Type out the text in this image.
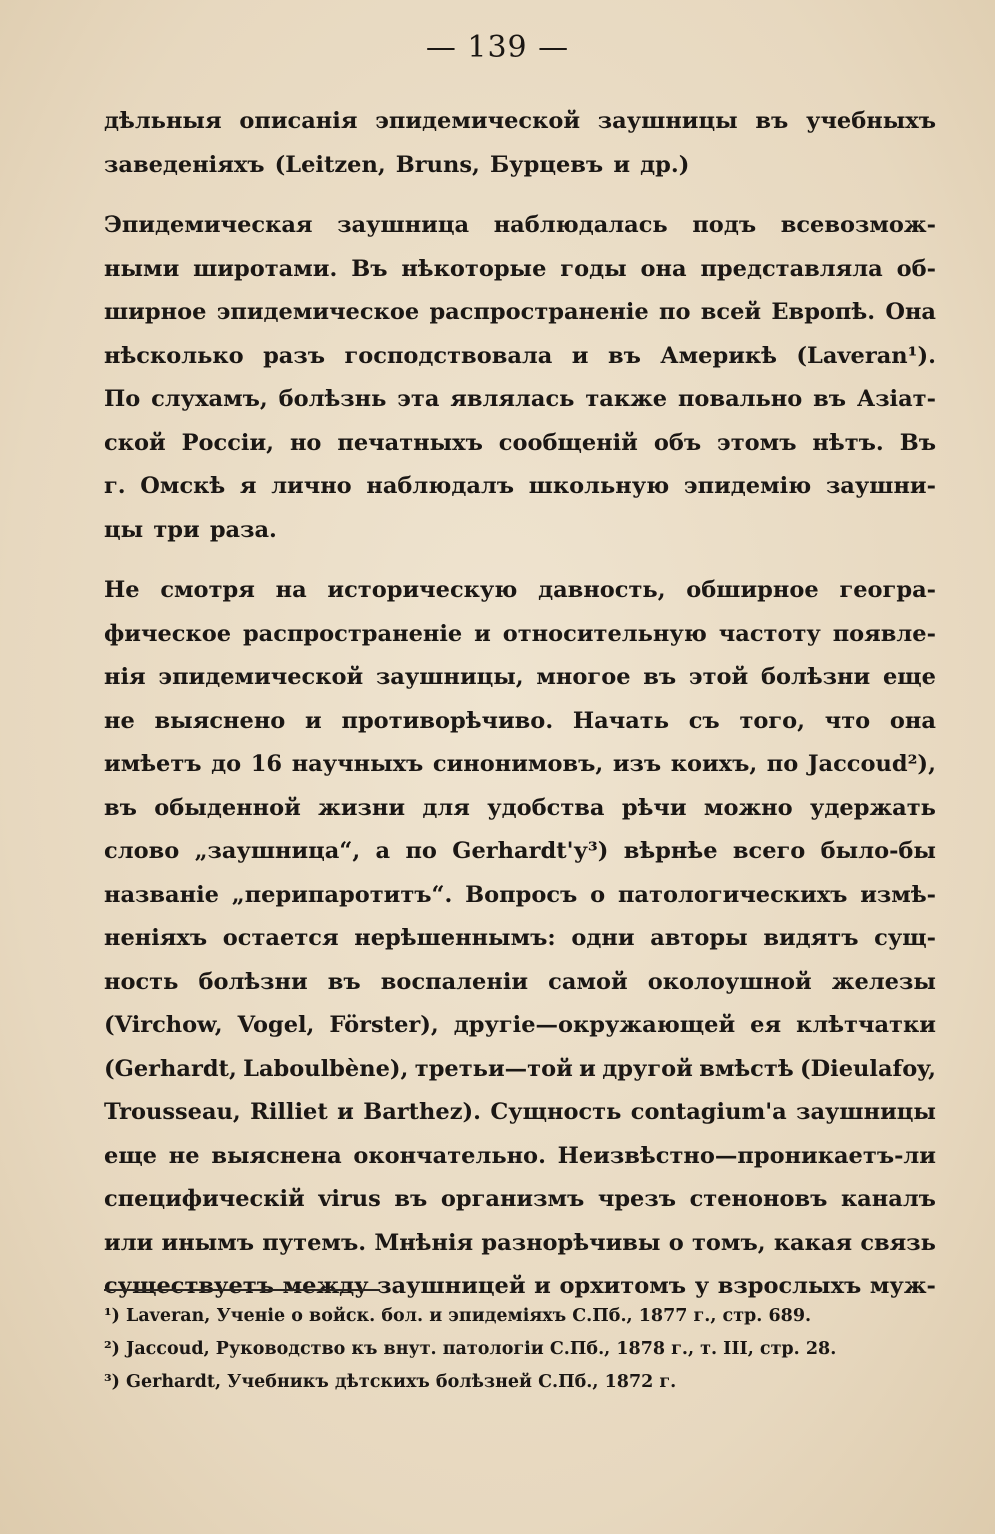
— 139 —
дѣльныя описанія эпидемической заушницы въ учебныхъ
заведеніяхъ (Leitzen, Bruns, Бурцевъ и др.)
Эпидемическая заушница наблюдалась подъ всевозмож-
ными широтами. Въ нѣкоторые годы она представляла об-
ширное эпидемическое распространеніе по всей Европѣ. Она
нѣсколько разъ господствовала и въ Америкѣ (Laveran¹).
По слухамъ, болѣзнь эта являлась также повально въ Азіат-
ской Россіи, но печатныхъ сообщеній объ этомъ нѣтъ. Въ
г. Омскѣ я лично наблюдалъ школьную эпидемію заушни-
цы три раза.
Не смотря на историческую давность, обширное геогра-
фическое распространеніе и относительную частоту появле-
нія эпидемической заушницы, многое въ этой болѣзни еще
не выяснено и противорѣчиво. Начать съ того, что она
имѣетъ до 16 научныхъ синонимовъ, изъ коихъ, по Jaccoud²),
въ обыденной жизни для удобства рѣчи можно удержать
слово „заушница“, а по Gerhardt'у³) вѣрнѣе всего было-бы
названіе „перипаротитъ“. Вопросъ о патологическихъ измѣ-
неніяхъ остается нерѣшеннымъ: одни авторы видятъ сущ-
ность болѣзни въ воспаленіи самой околоушной железы
(Virchow, Vogel, Förster), другіе—окружающей ея клѣтчатки
(Gerhardt, Laboulbène), третьи—той и другой вмѣстѣ (Dieulafoy,
Trousseau, Rilliet и Barthez). Сущность contagium'а заушницы
еще не выяснена окончательно. Неизвѣстно—проникаетъ-ли
специфическій virus въ организмъ чрезъ стеноновъ каналъ
или инымъ путемъ. Мнѣнія разнорѣчивы о томъ, какая связь
существуетъ между заушницей и орхитомъ у взрослыхъ муж-
¹) Laveran, Ученіе о войск. бол. и эпидеміяхъ С.Пб., 1877 г., стр. 689.
²) Jaccoud, Руководство къ внут. патологіи С.Пб., 1878 г., т. III, стр. 28.
³) Gerhardt, Учебникъ дѣтскихъ болѣзней С.Пб., 1872 г.
